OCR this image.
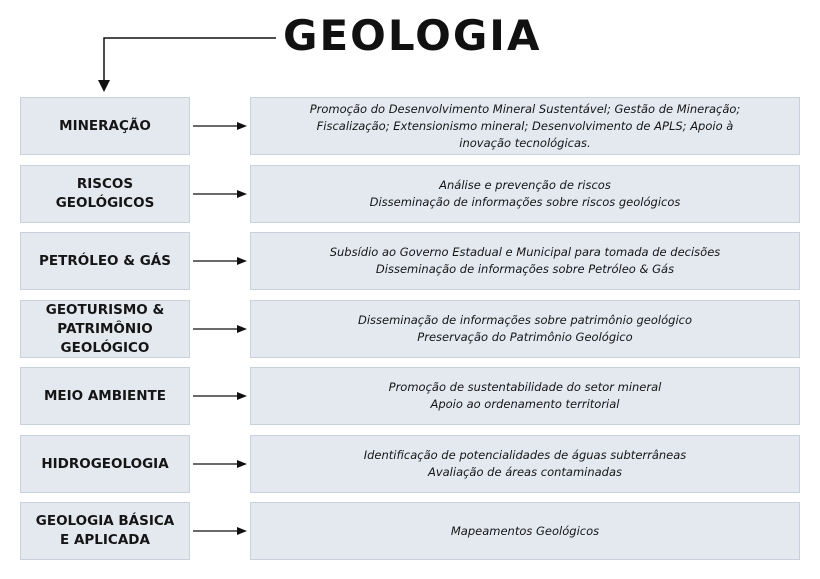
GEOLOGIA
MINERAÇÃO
Promoção do Desenvolvimento Mineral Sustentável; Gestão de Mineração;
Fiscalização; Extensionismo mineral; Desenvolvimento de APLS; Apoio à
inovação tecnológicas.
RISCOS
GEOLÓGICOS
Análise e prevenção de riscos
Disseminação de informações sobre riscos geológicos
PETRÓLEO & GÁS
Subsídio ao Governo Estadual e Municipal para tomada de decisões
Disseminação de informações sobre Petróleo & Gás
GEOTURISMO &
PATRIMÔNIO
GEOLÓGICO
Disseminação de informações sobre patrimônio geológico
Preservação do Patrimônio Geológico
MEIO AMBIENTE
Promoção de sustentabilidade do setor mineral
Apoio ao ordenamento territorial
HIDROGEOLOGIA
Identificação de potencialidades de águas subterrâneas
Avaliação de áreas contaminadas
GEOLOGIA BÁSICA
E APLICADA
Mapeamentos Geológicos
